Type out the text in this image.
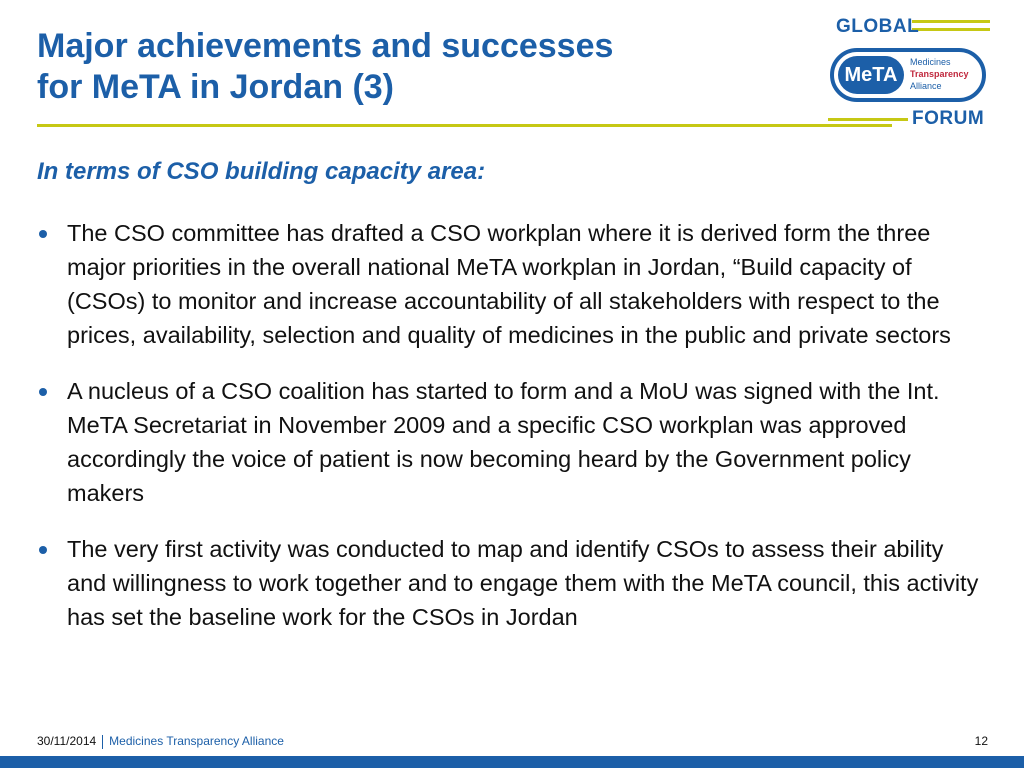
Major achievements and successes
for MeTA in Jordan (3)
GLOBAL
MeTA
Medicines
Transparency
Alliance
FORUM
In terms of CSO building capacity area:
The CSO committee has drafted a CSO workplan where it is derived form the three major priorities in the overall national MeTA workplan in Jordan, “Build capacity of (CSOs) to monitor and increase accountability of all stakeholders with respect to the prices, availability, selection and quality of medicines in the public and private sectors
A nucleus of a CSO coalition has started to form and a MoU was signed with the Int. MeTA Secretariat in November 2009 and a specific CSO workplan was approved accordingly the voice of patient is now becoming heard by the Government policy makers
The very first activity was conducted to map and identify CSOs to assess their ability and willingness to work together and to engage them with the MeTA council, this activity has set the baseline work for the CSOs in Jordan
30/11/2014 Medicines Transparency Alliance	12
